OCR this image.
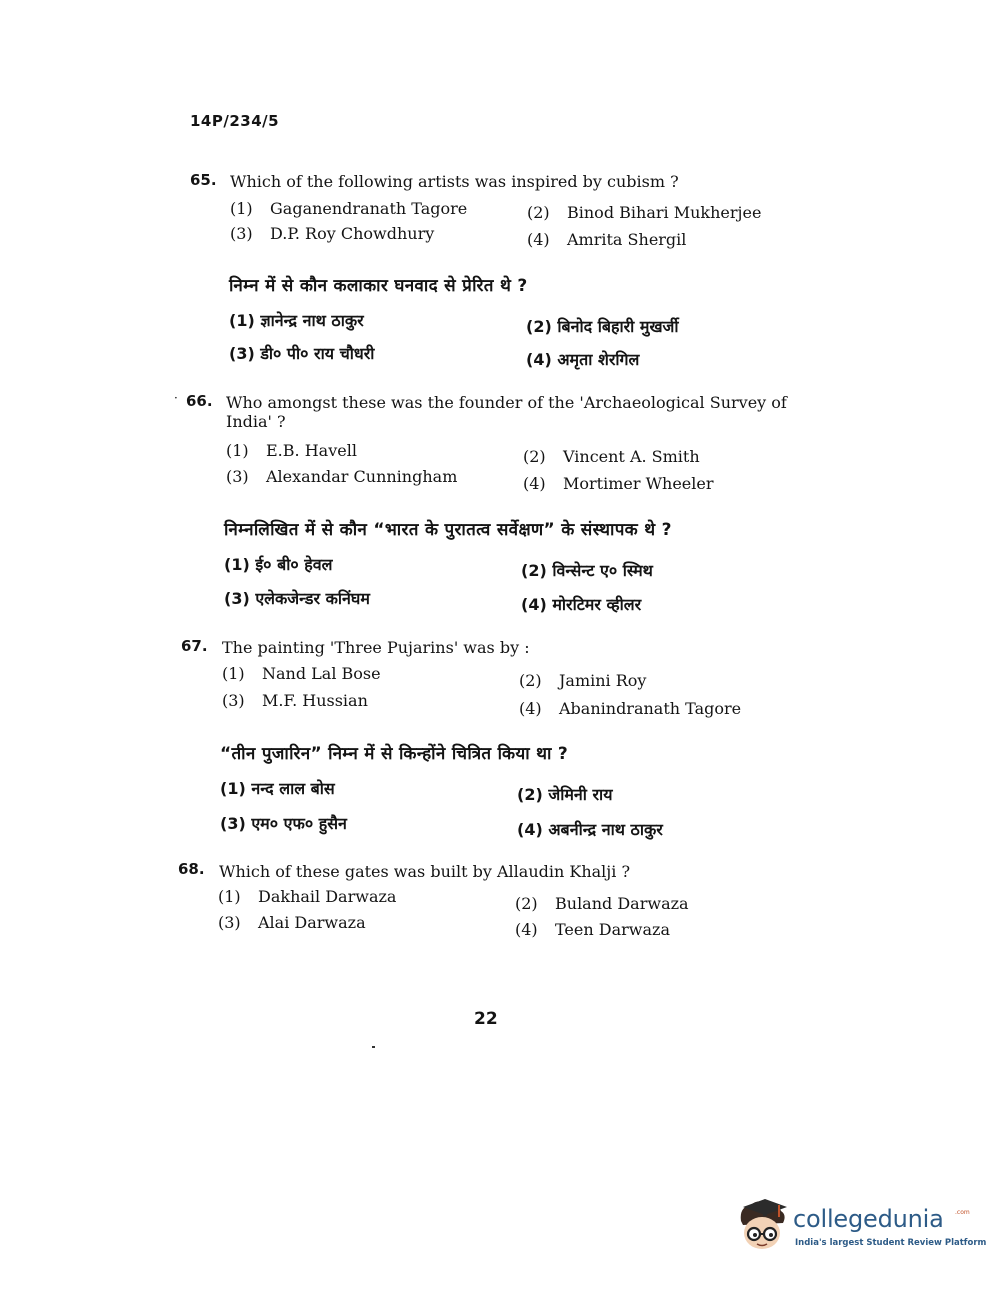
14P/234/5
65. Which of the following artists was inspired by cubism ?
(1) Gaganendranath Tagore	(2) Binod Bihari Mukherjee
(3) D.P. Roy Chowdhury	(4) Amrita Shergil
निम्न में से कौन कलाकार घनवाद से प्रेरित थे ?
(1) ज्ञानेन्द्र नाथ ठाकुर	(2) बिनोद बिहारी मुखर्जी
(3) डी० पी० राय चौधरी	(4) अमृता शेरगिल
· 66. Who amongst these was the founder of the 'Archaeological Survey of India' ?
(1) E.B. Havell	(2) Vincent A. Smith
(3) Alexandar Cunningham	(4) Mortimer Wheeler
निम्नलिखित में से कौन “भारत के पुरातत्व सर्वेक्षण” के संस्थापक थे ?
(1) ई० बी० हेवल	(2) विन्सेन्ट ए० स्मिथ
(3) एलेकजेन्डर कनिंघम	(4) मोरटिमर व्हीलर
67. The painting 'Three Pujarins' was by :
(1) Nand Lal Bose	(2) Jamini Roy
(3) M.F. Hussian	(4) Abanindranath Tagore
“तीन पुजारिन” निम्न में से किन्होंने चित्रित किया था ?
(1) नन्द लाल बोस	(2) जेमिनी राय
(3) एम० एफ० हुसैन	(4) अबनीन्द्र नाथ ठाकुर
68. Which of these gates was built by Allaudin Khalji ?
(1) Dakhail Darwaza	(2) Buland Darwaza
(3) Alai Darwaza	(4) Teen Darwaza
22
collegedunia .com
India's largest Student Review Platform
